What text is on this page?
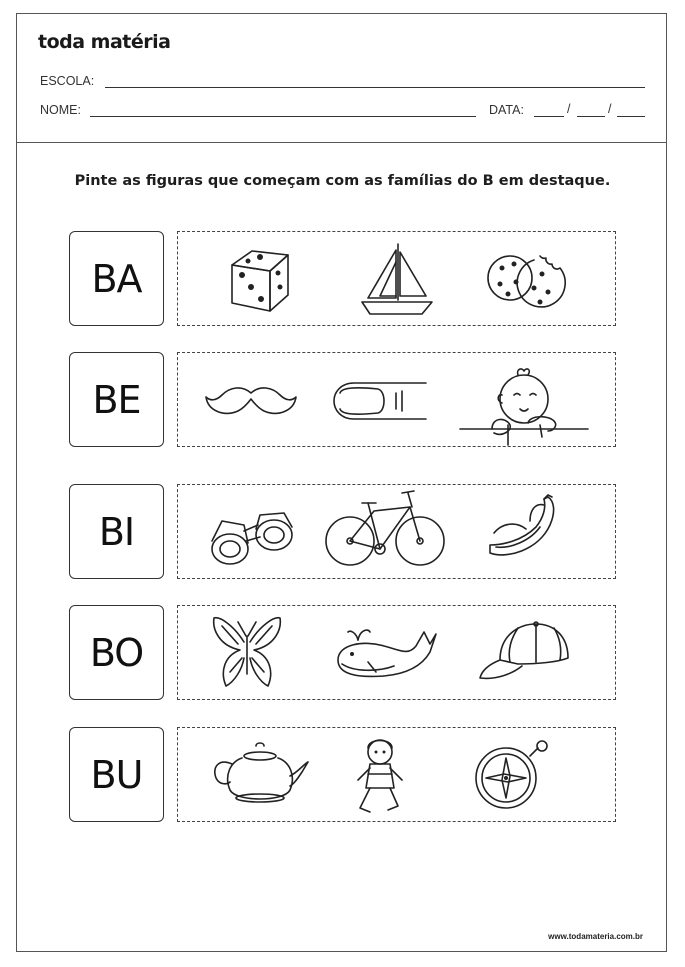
toda matéria
ESCOLA:
NOME:	DATA:	/	/
Pinte as figuras que começam com as famílias do B em destaque.
BA
BE
BI
BO
BU
www.todamateria.com.br
